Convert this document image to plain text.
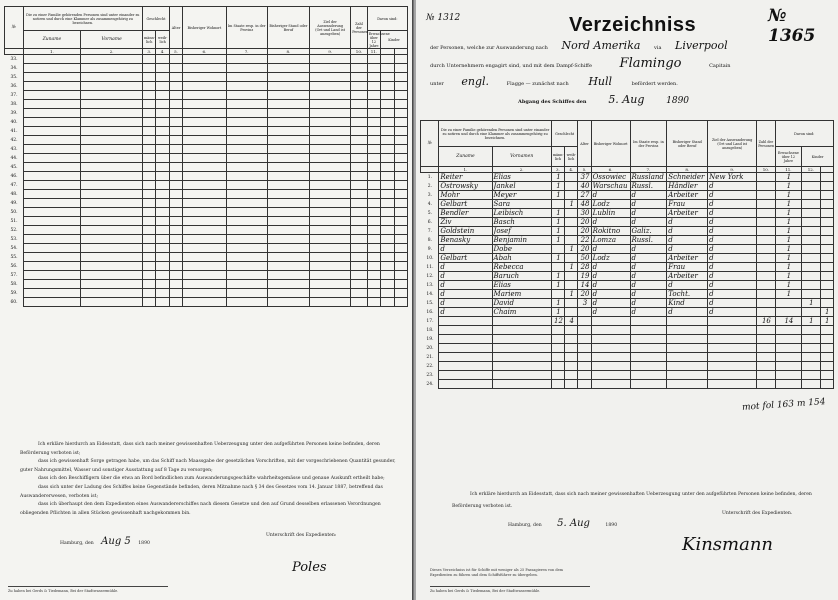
№	Die zu einer Familie gehörenden Personen sind unter einander zu notiren und durch eine Klammer als zusammengehörig zu bezeichnen.		Geschlecht		Alter	Bisheriger Wohnort	Im Staate resp. in der Provinz	Bisheriger Stand oder Beruf	Ziel der Auswanderung
(Ort und Land ist anzugeben)	Zahl der Personen	Davon sind:		
	Zuname	Vorname	männ-lich	weib-lich							Erwachsene über 12 Jahre	Kinder	
	1.	2.	3.	4.	5.	6.	7.	8.	9.	10.	11.		
33.													
34.													
35.													
36.													
37.													
38.													
39.													
40.													
41.													
42.													
43.													
44.													
45.													
46.													
47.													
48.													
49.													
50.													
51.													
52.													
53.													
54.													
55.													
56.													
57.													
58.													
59.													
60.													

Ich erkläre hierdurch an Eidesstatt, dass sich nach meiner gewissenhaften Ueberzeugung unter den aufgeführten Personen keine befinden, deren Beförderung verboten ist;

dass ich gewissenhaft Sorge getragen habe, um das Schiff nach Maassgabe der gesetzlichen Vorschriften, mit der vorgeschriebenen Quantität gesunder, guter Nahrungsmittel, Wasser und sonstiger Ausstattung auf 8 Tage zu versorgen;

dass ich den Beschiffigern über die etwa an Bord befindlichen zum Auswanderungsgeschäfte wahrheitsgemässe und genaue Auskunft ertheilt habe;

dass sich unter der Ladung des Schiffes keine Gegenstände befinden, deren Mitnahme nach § 34 des Gesetzes vom 14. Januar 1887, betreffend das Auswandererwesen, verboten ist;

dass ich überhaupt den dem Expedienten eines Auswandererschiffes nach diesem Gesetze und den auf Grund desselben erlassenen Verordnungen obliegenden Pflichten in allen Stücken gewissenhaft nachgekommen bin.

Hamburg, den Aug 5 1890
Unterschrift des Expedienten:
Poles
Zu haben bei Gerds & Tiedemann, Bei der Stadtwassermühle.
№ 1312	Verzeichniss	№ 1365
der Personen, welche zur Auswanderung nach Nord Amerika	via Liverpool
durch Unternehmern engagirt sind, und mit dem Dampf-Schiffe Flamingo	Capitain
unter engl.	Flagge — zunächst nach Hull	befördert werden.
Abgang des Schiffes den 5. Aug 1890
№	Die zu einer Familie gehörenden Personen sind unter einander zu notiren und durch eine Klammer als zusammengehörig zu bezeichnen.		Geschlecht		Alter	Bisheriger Wohnort	Im Staate resp. in der Provinz	Bisheriger Stand oder Beruf	Ziel der Auswanderung
(Ort und Land ist anzugeben)	Zahl der Personen	Davon sind:		
	Zuname	Vornamen	männ-lich	weib-lich							Erwachsene über 12 Jahre	Kinder	
	1.	2.	3.	4.	5.	6.	7.	8.	9.	10.	11.	12.	
1.	Reiter	Elias	1		37	Ossowiec	Russland	Schneider	New York		1		
2.	Ostrowsky	Jankel	1		40	Warschau	Russl.	Händler	d		1		
3.	Mohr	Meyer	1		27	d	d	Arbeiter	d		1		
4.	Gelbart	Sara		1	48	Lodz	d	Frau	d		1		
5.	Bendler	Leibisch	1		30	Lublin	d	Arbeiter	d		1		
6.	Ziv	Basch	1		20	d	d	d	d		1		
7.	Goldstein	Josef	1		20	Rokitno	Galiz.	d	d		1		
8.	Benasky	Benjamin	1		22	Lomza	Russl.	d	d		1		
9.	d	Dobe		1	20	d	d	d	d		1		
10.	Gelbart	Abah	1		50	Lodz	d	Arbeiter	d		1		
11.	d	Rebecca		1	28	d	d	Frau	d		1		
12.	d	Baruch	1		19	d	d	Arbeiter	d		1		
13.	d	Elias	1		14	d	d	d	d		1		
14.	d	Mariem		1	20	d	d	Tocht.	d		1		
15.	d	David	1		3	d	d	Kind	d			1	
16.	d	Chaim	1			d	d	d	d				1
17.			12	4						16	14	1	1
18.													
19.													
20.													
21.													
22.													
23.													
24.													
mot fol 163 m 154

Ich erkläre hierdurch an Eidesstatt, dass sich nach meiner gewissenhaften Ueberzeugung unter den aufgeführten Personen keine befinden, deren Beförderung verboten ist.

Hamburg, den 5. Aug	1890
Unterschrift des Expedienten.
Kinsmann
Dieses Verzeichniss ist für Schiffe mit weniger als 25 Passagieren von dem Expedienten zu führen und dem Schiffsführer zu übergeben.
Zu haben bei Gerds & Tiedemann, Bei der Stadtwassermühle.
